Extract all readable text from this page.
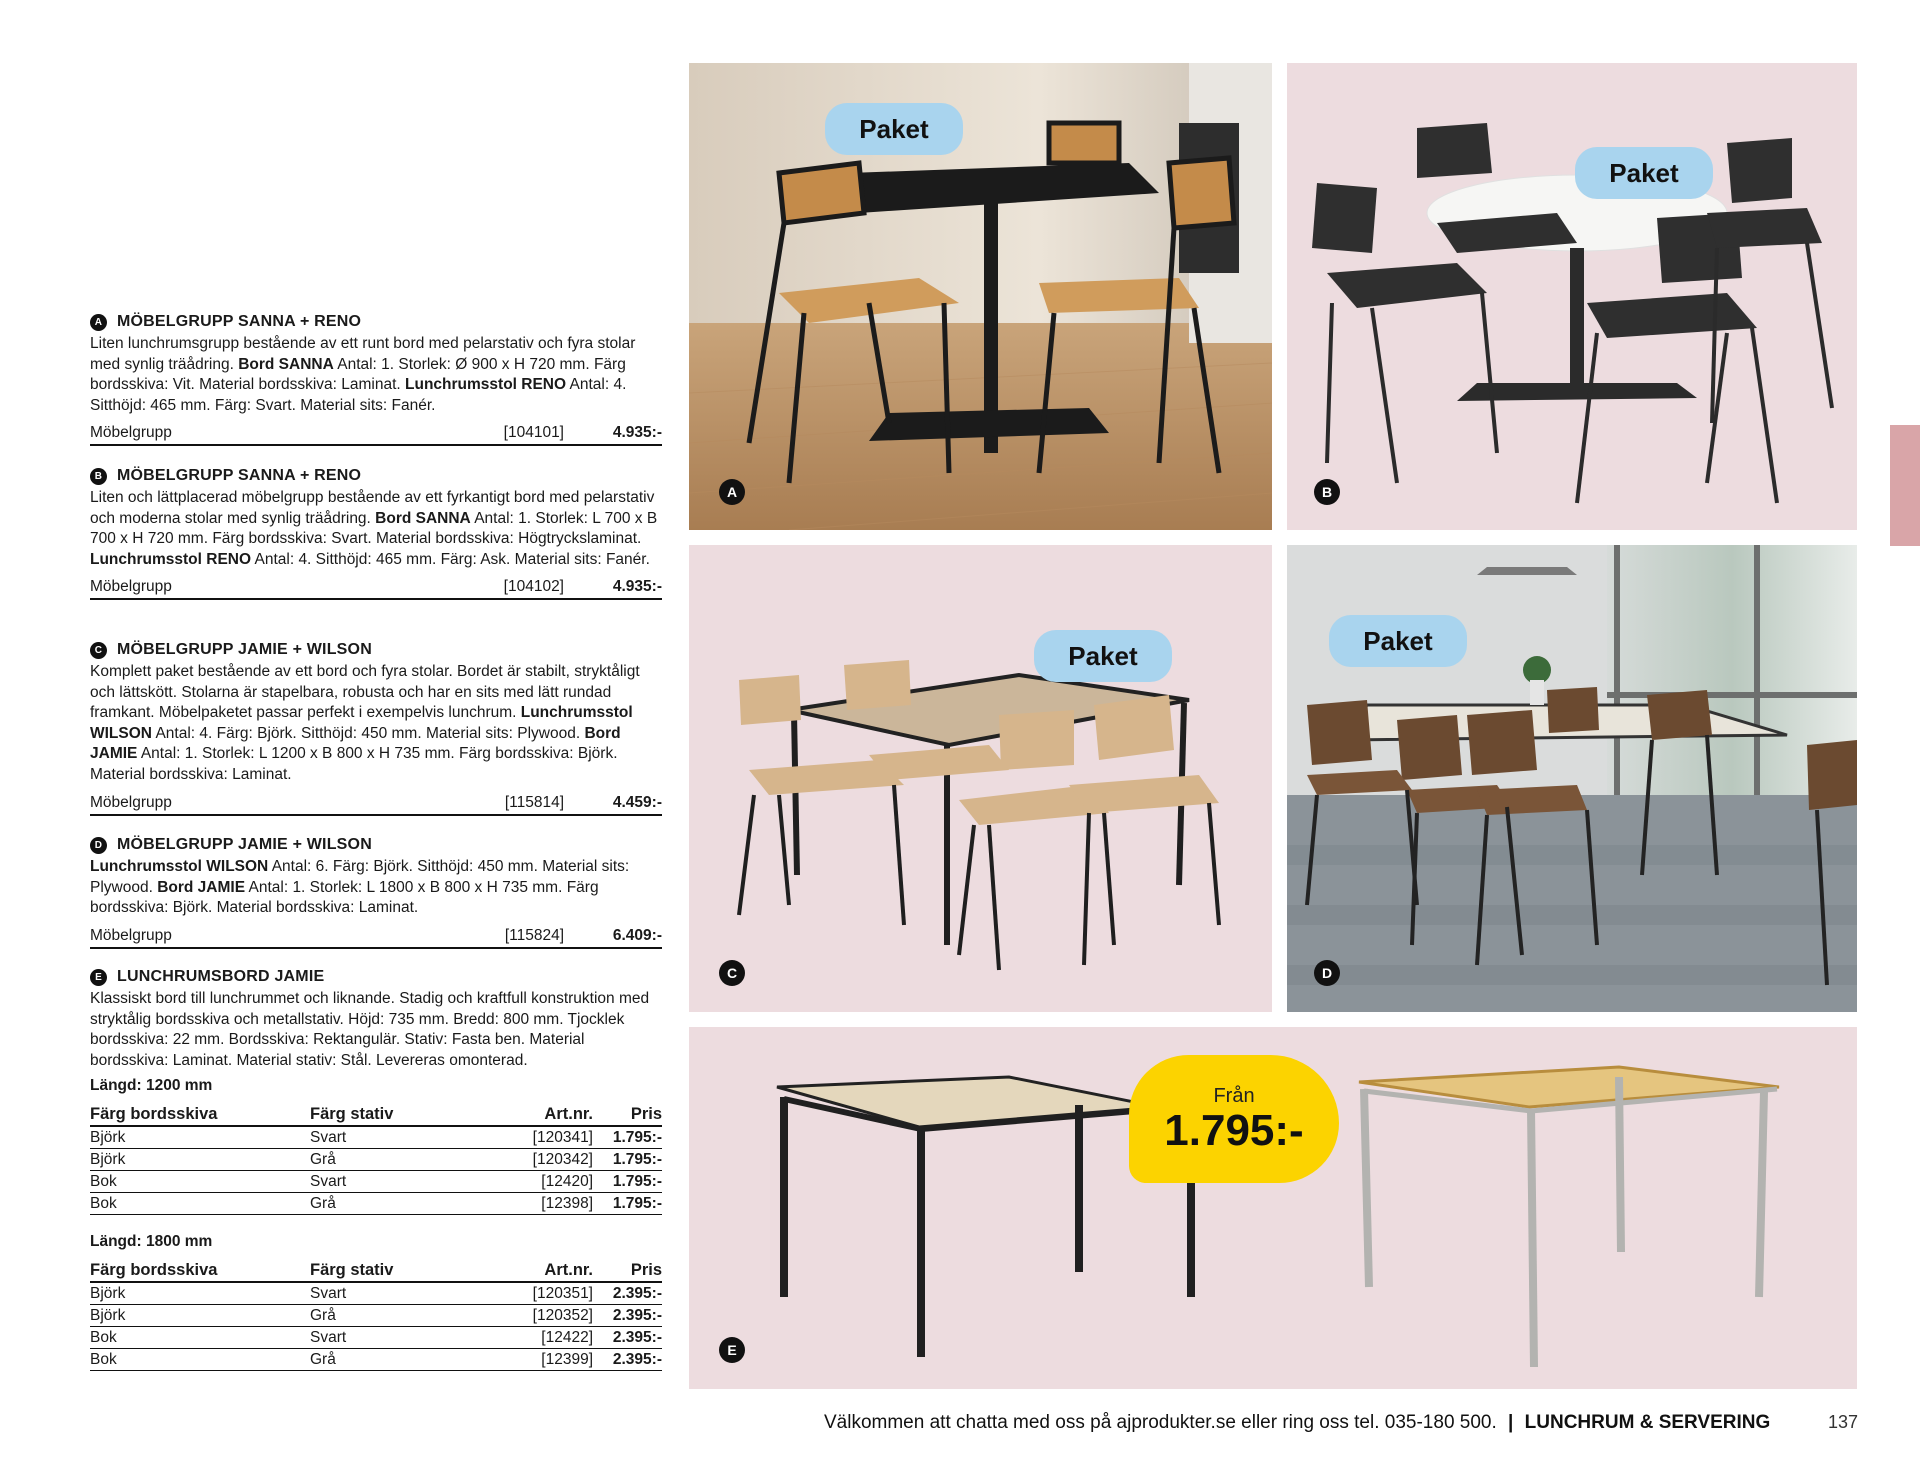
A MÖBELGRUPP SANNA + RENO
Liten lunchrumsgrupp bestående av ett runt bord med pelarstativ och fyra stolar med synlig träådring. Bord SANNA Antal: 1. Storlek: Ø 900 x H 720 mm. Färg bordsskiva: Vit. Material bordsskiva: Laminat. Lunchrumsstol RENO Antal: 4. Sitthöjd: 465 mm. Färg: Svart. Material sits: Fanér.
Möbelgrupp	[104101]	4.935:-
B MÖBELGRUPP SANNA + RENO
Liten och lättplacerad möbelgrupp bestående av ett fyrkantigt bord med pelarstativ och moderna stolar med synlig träådring. Bord SANNA Antal: 1. Storlek: L 700 x B 700 x H 720 mm. Färg bordsskiva: Svart. Material bordsskiva: Högtryckslaminat. Lunchrumsstol RENO Antal: 4. Sitthöjd: 465 mm. Färg: Ask. Material sits: Fanér.
Möbelgrupp	[104102]	4.935:-
C MÖBELGRUPP JAMIE + WILSON
Komplett paket bestående av ett bord och fyra stolar. Bordet är stabilt, stryktåligt och lättskött. Stolarna är stapelbara, robusta och har en sits med lätt rundad framkant. Möbelpaketet passar perfekt i exempelvis lunchrum. Lunchrumsstol WILSON Antal: 4. Färg: Björk. Sitthöjd: 450 mm. Material sits: Plywood. Bord JAMIE Antal: 1. Storlek: L 1200 x B 800 x H 735 mm. Färg bordsskiva: Björk. Material bordsskiva: Laminat.
Möbelgrupp	[115814]	4.459:-
D MÖBELGRUPP JAMIE + WILSON
Lunchrumsstol WILSON Antal: 6. Färg: Björk. Sitthöjd: 450 mm. Material sits: Plywood. Bord JAMIE Antal: 1. Storlek: L 1800 x B 800 x H 735 mm. Färg bordsskiva: Björk. Material bordsskiva: Laminat.
Möbelgrupp	[115824]	6.409:-
E LUNCHRUMSBORD JAMIE
Klassiskt bord till lunchrummet och liknande. Stadig och kraftfull konstruktion med stryktålig bordsskiva och metallstativ. Höjd: 735 mm. Bredd: 800 mm. Tjocklek bordsskiva: 22 mm. Bordsskiva: Rektangulär. Stativ: Fasta ben. Material bordsskiva: Laminat. Material stativ: Stål. Levereras omonterad.
Längd: 1200 mm
Färg bordsskiva	Färg stativ	Art.nr.	Pris
Björk	Svart	[120341]	1.795:-
Björk	Grå	[120342]	1.795:-
Bok	Svart	[12420]	1.795:-
Bok	Grå	[12398]	1.795:-
Längd: 1800 mm
Färg bordsskiva	Färg stativ	Art.nr.	Pris
Björk	Svart	[120351]	2.395:-
Björk	Grå	[120352]	2.395:-
Bok	Svart	[12422]	2.395:-
Bok	Grå	[12399]	2.395:-
Paket
A
Paket
B
Paket
C
Paket
D
Från
1.795:-
E
Välkommen att chatta med oss på ajprodukter.se eller ring oss tel. 035-180 500. | LUNCHRUM & SERVERING	137
